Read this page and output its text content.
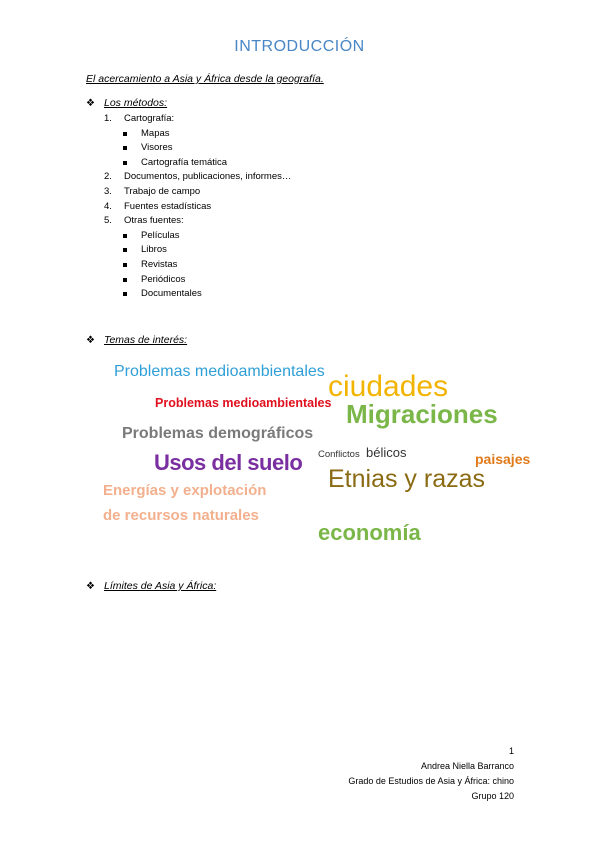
INTRODUCCIÓN
El acercamiento a Asia y África desde la geografía.
❖ Los métodos:
1. Cartografía:
Mapas
Visores
Cartografía temática
2. Documentos, publicaciones, informes…
3. Trabajo de campo
4. Fuentes estadísticas
5. Otras fuentes:
Películas
Libros
Revistas
Periódicos
Documentales
❖ Temas de interés:
Problemas medioambientales ciudades
Problemas medioambientales Migraciones
Problemas demográficos
Conflictos bélicos
Usos del suelo	paisajes
Etnias y razas
Energías y explotación
de recursos naturales
economía
❖ Límites de Asia y África:
1
Andrea Niella Barranco
Grado de Estudios de Asia y África: chino
Grupo 120
